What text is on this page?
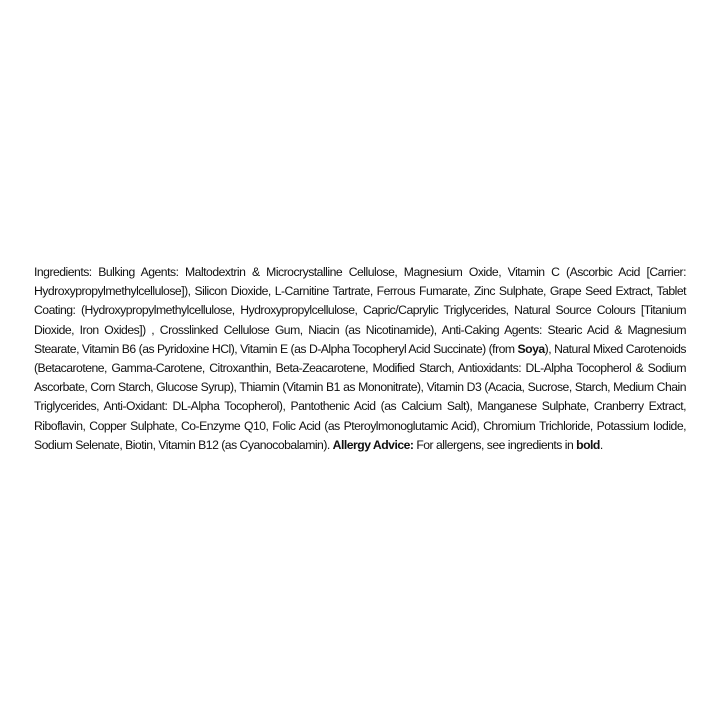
Ingredients: Bulking Agents: Maltodextrin & Microcrystalline Cellulose, Magnesium Oxide, Vitamin C (Ascorbic Acid [Carrier: Hydroxypropylmethylcellulose]), Silicon Dioxide, L-Carnitine Tartrate, Ferrous Fumarate, Zinc Sulphate, Grape Seed Extract, Tablet Coating: (Hydroxypropylmethylcellulose, Hydroxypropylcellulose, Capric/Caprylic Triglycerides, Natural Source Colours [Titanium Dioxide, Iron Oxides]) , Crosslinked Cellulose Gum, Niacin (as Nicotinamide), Anti-Caking Agents: Stearic Acid & Magnesium Stearate, Vitamin B6 (as Pyridoxine HCl), Vitamin E (as D-Alpha Tocopheryl Acid Succinate) (from Soya), Natural Mixed Carotenoids (Betacarotene, Gamma-Carotene, Citroxanthin, Beta-Zeacarotene, Modified Starch, Antioxidants: DL-Alpha Tocopherol & Sodium Ascorbate, Corn Starch, Glucose Syrup), Thiamin (Vitamin B1 as Mononitrate), Vitamin D3 (Acacia, Sucrose, Starch, Medium Chain Triglycerides, Anti-Oxidant: DL-Alpha Tocopherol), Pantothenic Acid (as Calcium Salt), Manganese Sulphate, Cranberry Extract, Riboflavin, Copper Sulphate, Co-Enzyme Q10, Folic Acid (as Pteroylmonoglutamic Acid), Chromium Trichloride, Potassium Iodide, Sodium Selenate, Biotin, Vitamin B12 (as Cyanocobalamin). Allergy Advice: For allergens, see ingredients in bold.
